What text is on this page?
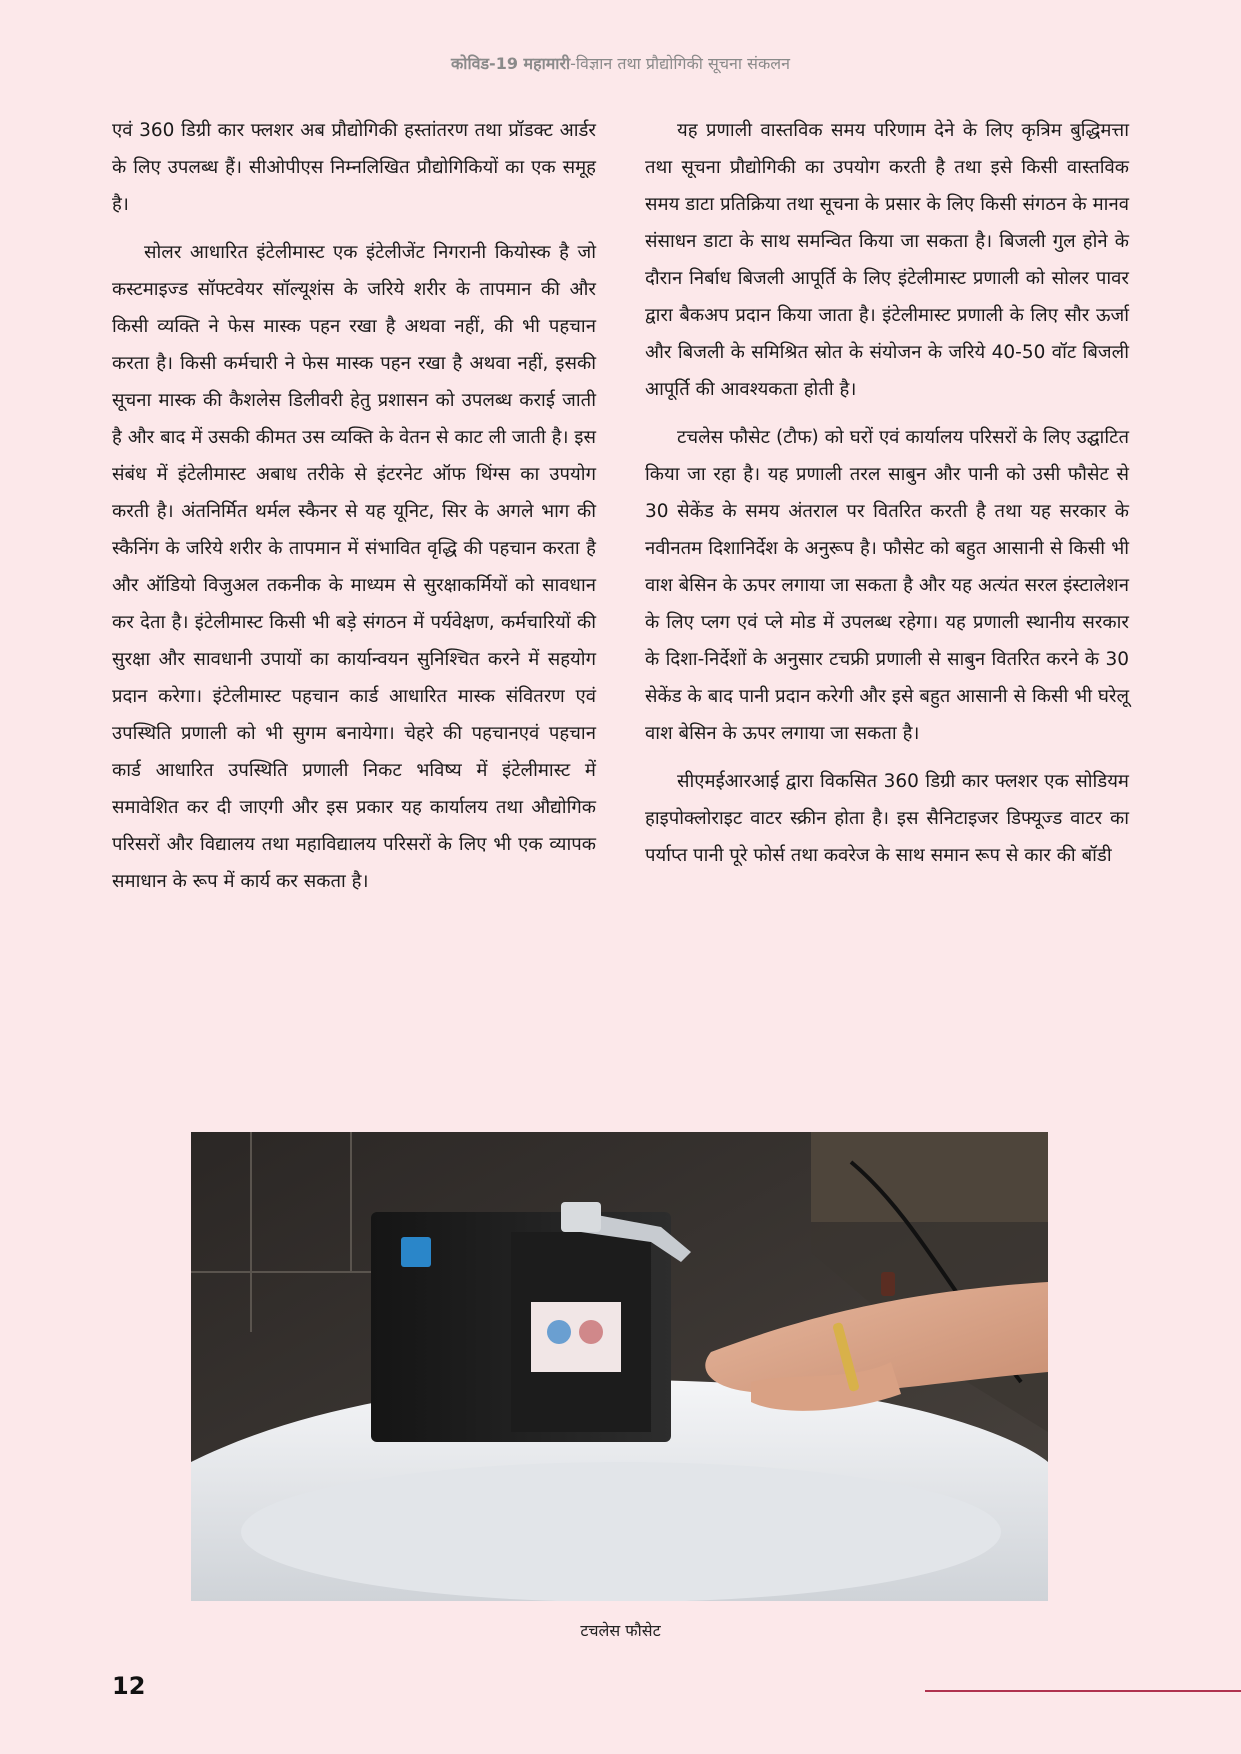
कोविड-19 महामारी-विज्ञान तथा प्रौद्योगिकी सूचना संकलन

एवं 360 डिग्री कार फ्लशर अब प्रौद्योगिकी हस्तांतरण तथा प्रॉडक्ट आर्डर के लिए उपलब्ध हैं। सीओपीएस निम्नलिखित प्रौद्योगिकियों का एक समूह है।

सोलर आधारित इंटेलीमास्ट एक इंटेलीजेंट निगरानी कियोस्क है जो कस्टमाइज्ड सॉफ्टवेयर सॉल्यूशंस के जरिये शरीर के तापमान की और किसी व्यक्ति ने फेस मास्क पहन रखा है अथवा नहीं, की भी पहचान करता है। किसी कर्मचारी ने फेस मास्क पहन रखा है अथवा नहीं, इसकी सूचना मास्क की कैशलेस डिलीवरी हेतु प्रशासन को उपलब्ध कराई जाती है और बाद में उसकी कीमत उस व्यक्ति के वेतन से काट ली जाती है। इस संबंध में इंटेलीमास्ट अबाध तरीके से इंटरनेट ऑफ थिंग्स का उपयोग करती है। अंतनिर्मित थर्मल स्कैनर से यह यूनिट, सिर के अगले भाग की स्कैनिंग के जरिये शरीर के तापमान में संभावित वृद्धि की पहचान करता है और ऑडियो विजुअल तकनीक के माध्यम से सुरक्षाकर्मियों को सावधान कर देता है। इंटेलीमास्ट किसी भी बड़े संगठन में पर्यवेक्षण, कर्मचारियों की सुरक्षा और सावधानी उपायों का कार्यान्वयन सुनिश्चित करने में सहयोग प्रदान करेगा। इंटेलीमास्ट पहचान कार्ड आधारित मास्क संवितरण एवं उपस्थिति प्रणाली को भी सुगम बनायेगा। चेहरे की पहचानएवं पहचान कार्ड आधारित उपस्थिति प्रणाली निकट भविष्य में इंटेलीमास्ट में समावेशित कर दी जाएगी और इस प्रकार यह कार्यालय तथा औद्योगिक परिसरों और विद्यालय तथा महाविद्यालय परिसरों के लिए भी एक व्यापक समाधान के रूप में कार्य कर सकता है।

यह प्रणाली वास्तविक समय परिणाम देने के लिए कृत्रिम बुद्धिमत्ता तथा सूचना प्रौद्योगिकी का उपयोग करती है तथा इसे किसी वास्तविक समय डाटा प्रतिक्रिया तथा सूचना के प्रसार के लिए किसी संगठन के मानव संसाधन डाटा के साथ समन्वित किया जा सकता है। बिजली गुल होने के दौरान निर्बाध बिजली आपूर्ति के लिए इंटेलीमास्ट प्रणाली को सोलर पावर द्वारा बैकअप प्रदान किया जाता है। इंटेलीमास्ट प्रणाली के लिए सौर ऊर्जा और बिजली के समिश्रित स्रोत के संयोजन के जरिये 40-50 वॉट बिजली आपूर्ति की आवश्यकता होती है।

टचलेस फौसेट (टौफ) को घरों एवं कार्यालय परिसरों के लिए उद्घाटित किया जा रहा है। यह प्रणाली तरल साबुन और पानी को उसी फौसेट से 30 सेकेंड के समय अंतराल पर वितरित करती है तथा यह सरकार के नवीनतम दिशानिर्देश के अनुरूप है। फौसेट को बहुत आसानी से किसी भी वाश बेसिन के ऊपर लगाया जा सकता है और यह अत्यंत सरल इंस्टालेशन के लिए प्लग एवं प्ले मोड में उपलब्ध रहेगा। यह प्रणाली स्थानीय सरकार के दिशा-निर्देशों के अनुसार टचफ्री प्रणाली से साबुन वितरित करने के 30 सेकेंड के बाद पानी प्रदान करेगी और इसे बहुत आसानी से किसी भी घरेलू वाश बेसिन के ऊपर लगाया जा सकता है।

सीएमईआरआई द्वारा विकसित 360 डिग्री कार फ्लशर एक सोडियम हाइपोक्लोराइट वाटर स्क्रीन होता है। इस सैनिटाइजर डिफ्यूज्ड वाटर का पर्याप्त पानी पूरे फोर्स तथा कवरेज के साथ समान रूप से कार की बॉडी

टचलेस फौसेट
12
